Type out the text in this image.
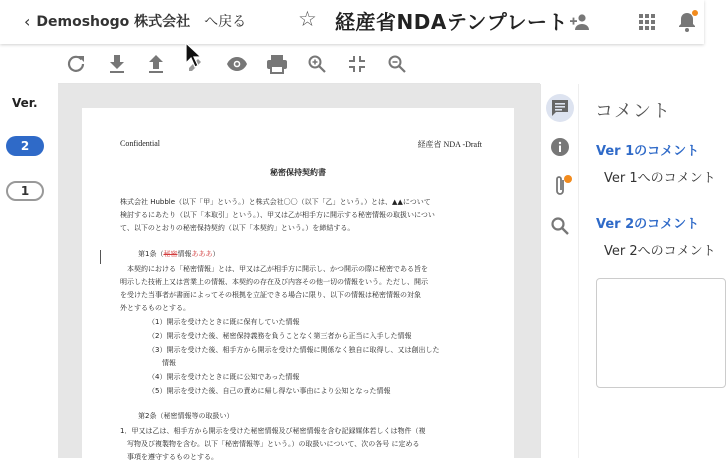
‹ Demoshogo 株式会社 へ戻る ☆ 経産省NDAテンプレート
Ver.
2
1
Confidential	経産省 NDA -Draft
秘密保持契約書
株式会社 Hubble（以下「甲」という。）と株式会社〇〇（以下「乙」という。）とは、▲▲について
検討するにあたり（以下「本取引」という。）、甲又は乙が相手方に開示する秘密情報の取扱いについ
て、以下のとおりの秘密保持契約（以下「本契約」という。）を締結する。
第1条（秘密情報あああ）
　本契約における「秘密情報」とは、甲又は乙が相手方に開示し、かつ開示の際に秘密である旨を
明示した技術上又は営業上の情報、本契約の存在及び内容その他一切の情報をいう。ただし、開示
を受けた当事者が書面によってその根拠を立証できる場合に限り、以下の情報は秘密情報の対象
外とするものとする。
（1）開示を受けたときに既に保有していた情報
（2）開示を受けた後、秘密保持義務を負うことなく第三者から正当に入手した情報
（3）開示を受けた後、相手方から開示を受けた情報に関係なく独自に取得し、又は創出した
　　情報
（4）開示を受けたときに既に公知であった情報
（5）開示を受けた後、自己の責めに帰し得ない事由により公知となった情報
第2条（秘密情報等の取扱い）
1．甲又は乙は、相手方から開示を受けた秘密情報及び秘密情報を含む記録媒体若しくは物件（複
　写物及び複製物を含む。以下「秘密情報等」という。）の取扱いについて、次の各号 に定める
　事項を遵守するものとする。
コメント
Ver 1のコメント
Ver 1へのコメント
Ver 2のコメント
Ver 2へのコメント
